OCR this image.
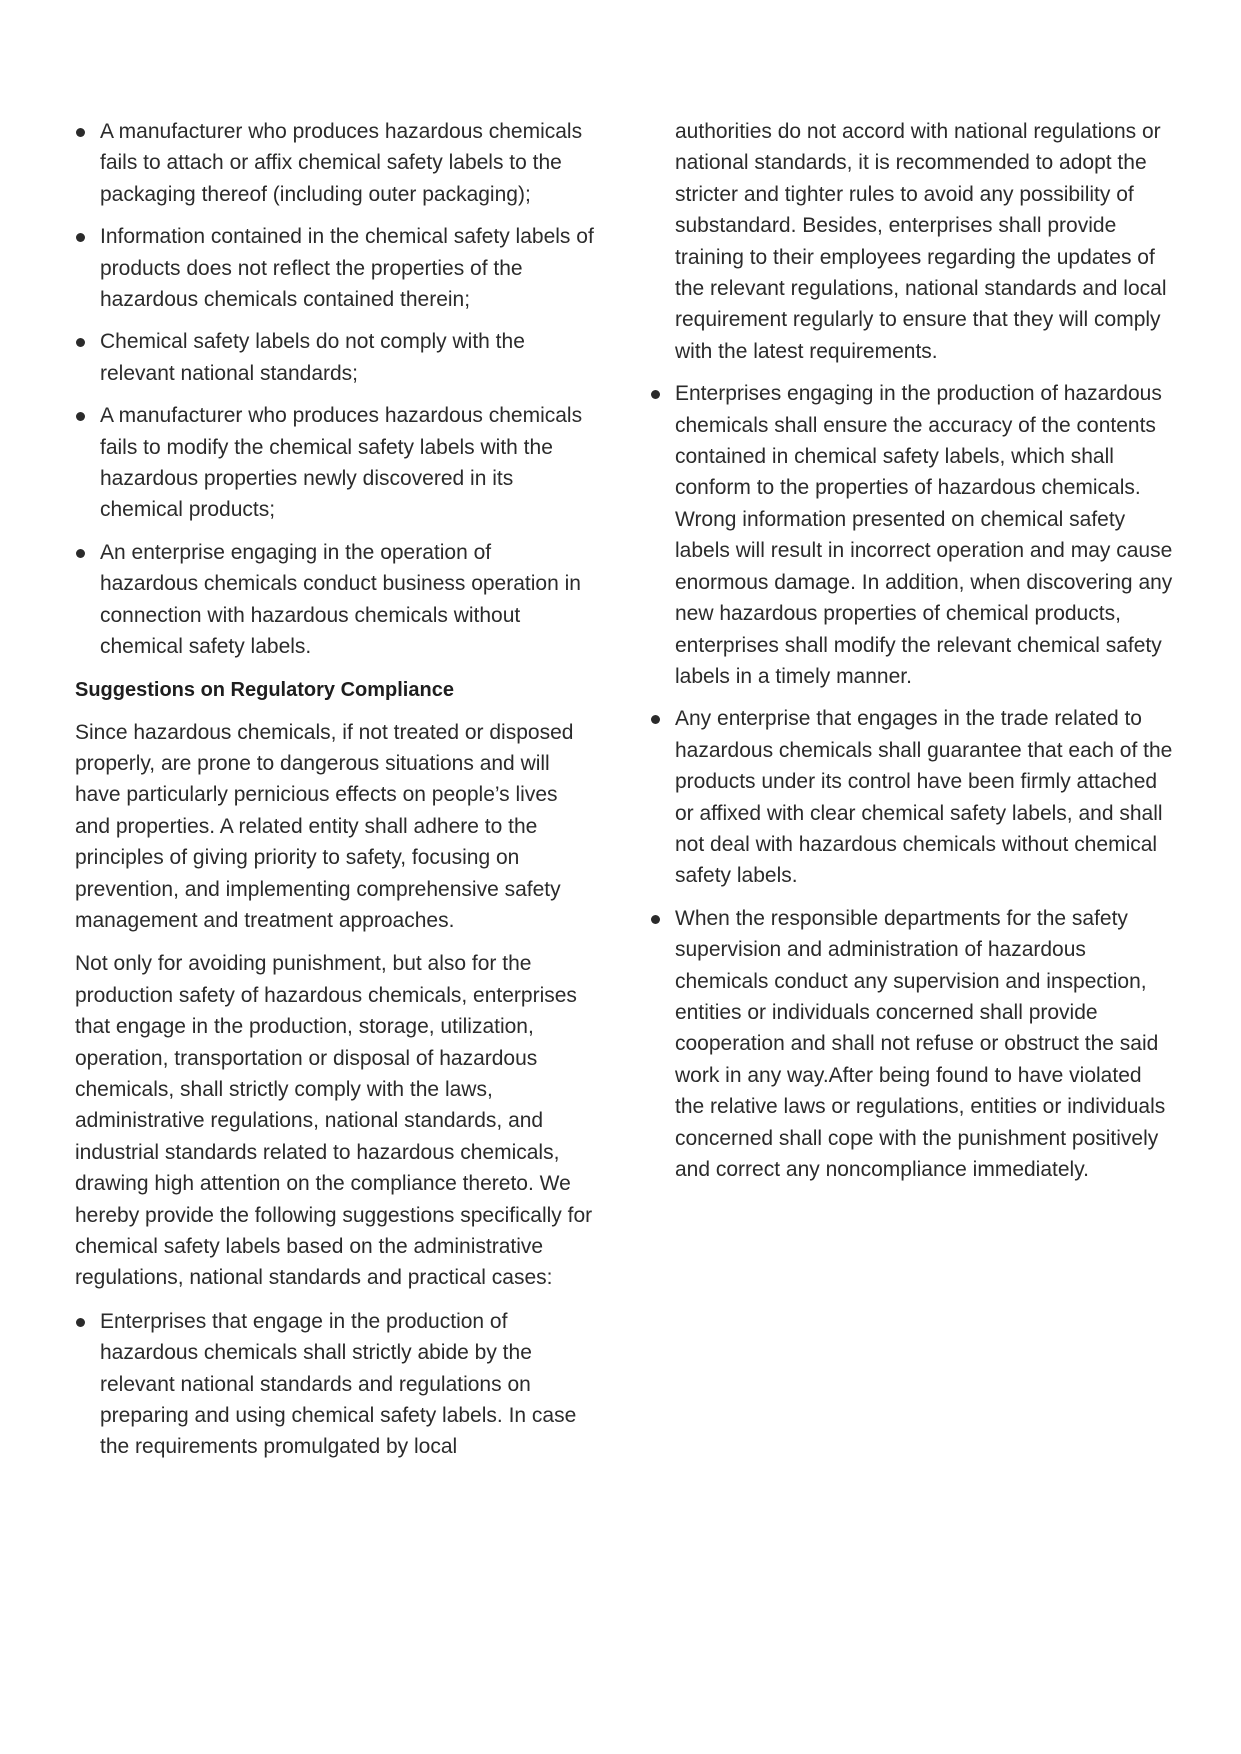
A manufacturer who produces hazardous chemicals fails to attach or affix chemical safety labels to the packaging thereof (including outer packaging);
Information contained in the chemical safety labels of products does not reflect the properties of the hazardous chemicals contained therein;
Chemical safety labels do not comply with the relevant national standards;
A manufacturer who produces hazardous chemicals fails to modify the chemical safety labels with the hazardous properties newly discovered in its chemical products;
An enterprise engaging in the operation of hazardous chemicals conduct business operation in connection with hazardous chemicals without chemical safety labels.
Suggestions on Regulatory Compliance

Since hazardous chemicals, if not treated or disposed properly, are prone to dangerous situations and will have particularly pernicious effects on people’s lives and properties. A related entity shall adhere to the principles of giving priority to safety, focusing on prevention, and implementing comprehensive safety management and treatment approaches.

Not only for avoiding punishment, but also for the production safety of hazardous chemicals, enterprises that engage in the production, storage, utilization, operation, transportation or disposal of hazardous chemicals, shall strictly comply with the laws, administrative regulations, national standards, and industrial standards related to hazardous chemicals, drawing high attention on the compliance thereto. We hereby provide the following suggestions specifically for chemical safety labels based on the administrative regulations, national standards and practical cases:

Enterprises that engage in the production of hazardous chemicals shall strictly abide by the relevant national standards and regulations on preparing and using chemical safety labels. In case the requirements promulgated by local
authorities do not accord with national regulations or national standards, it is recommended to adopt the stricter and tighter rules to avoid any possibility of substandard. Besides, enterprises shall provide training to their employees regarding the updates of the relevant regulations, national standards and local requirement regularly to ensure that they will comply with the latest requirements.
Enterprises engaging in the production of hazardous chemicals shall ensure the accuracy of the contents contained in chemical safety labels, which shall conform to the properties of hazardous chemicals. Wrong information presented on chemical safety labels will result in incorrect operation and may cause enormous damage. In addition, when discovering any new hazardous properties of chemical products, enterprises shall modify the relevant chemical safety labels in a timely manner.
Any enterprise that engages in the trade related to hazardous chemicals shall guarantee that each of the products under its control have been firmly attached or affixed with clear chemical safety labels, and shall not deal with hazardous chemicals without chemical safety labels.
When the responsible departments for the safety supervision and administration of hazardous chemicals conduct any supervision and inspection, entities or individuals concerned shall provide cooperation and shall not refuse or obstruct the said work in any way.After being found to have violated the relative laws or regulations, entities or individuals concerned shall cope with the punishment positively and correct any noncompliance immediately.
